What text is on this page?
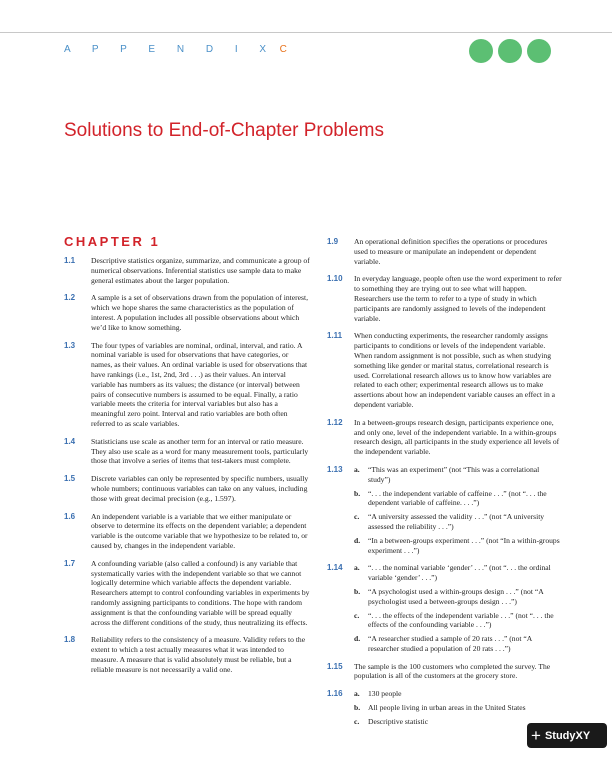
A P P E N D I X C
Solutions to End-of-Chapter Problems
CHAPTER 1
1.1 Descriptive statistics organize, summarize, and communicate a group of numerical observations. Inferential statistics use sample data to make general estimates about the larger population.

1.2 A sample is a set of observations drawn from the population of interest, which we hope shares the same characteristics as the population of interest. A population includes all possible observations about which we’d like to know something.

1.3 The four types of variables are nominal, ordinal, interval, and ratio. A nominal variable is used for observations that have categories, or names, as their values. An ordinal variable is used for observations that have rankings (i.e., 1st, 2nd, 3rd . . .) as their values. An interval variable has numbers as its values; the distance (or interval) between pairs of consecutive numbers is assumed to be equal. Finally, a ratio variable meets the criteria for interval variables but also has a meaningful zero point. Interval and ratio variables are both often referred to as scale variables.

1.4 Statisticians use scale as another term for an interval or ratio measure. They also use scale as a word for many measurement tools, particularly those that involve a series of items that test-takers must complete.

1.5 Discrete variables can only be represented by specific numbers, usually whole numbers; continuous variables can take on any values, including those with great decimal precision (e.g., 1.597).

1.6 An independent variable is a variable that we either manipulate or observe to determine its effects on the dependent variable; a dependent variable is the outcome variable that we hypothesize to be related to, or caused by, changes in the independent variable.

1.7 A confounding variable (also called a confound) is any variable that systematically varies with the independent variable so that we cannot logically determine which variable affects the dependent variable. Researchers attempt to control confounding variables in experiments by randomly assigning participants to conditions. The hope with random assignment is that the confounding variable will be spread equally across the different conditions of the study, thus neutralizing its effects.

1.8 Reliability refers to the consistency of a measure. Validity refers to the extent to which a test actually measures what it was intended to measure. A measure that is valid absolutely must be reliable, but a reliable measure is not necessarily a valid one.

1.9 An operational definition specifies the operations or procedures used to measure or manipulate an independent or dependent variable.

1.10 In everyday language, people often use the word experiment to refer to something they are trying out to see what will happen. Researchers use the term to refer to a type of study in which participants are randomly assigned to levels of the independent variable.

1.11 When conducting experiments, the researcher randomly assigns participants to conditions or levels of the independent variable. When random assignment is not possible, such as when studying something like gender or marital status, correlational research is used. Correlational research allows us to know how variables are related to each other; experimental research allows us to make assertions about how an independent variable causes an effect in a dependent variable.

1.12 In a between-groups research design, participants experience one, and only one, level of the independent variable. In a within-groups research design, all participants in the study experience all levels of the independent variable.

1.13 a. “This was an experiment” (not “This was a correlational study”)

b. “. . . the independent variable of caffeine . . .” (not “. . . the dependent variable of caffeine. . . .”)

c. “A university assessed the validity . . .” (not “A university assessed the reliability . . .”)

d. “In a between-groups experiment . . .” (not “In a within-groups experiment . . .”)

1.14 a. “. . . the nominal variable ‘gender’ . . .” (not “. . . the ordinal variable ‘gender’ . . .”)

b. “A psychologist used a within-groups design . . .” (not “A psychologist used a between-groups design . . .”)

c. “. . . the effects of the independent variable . . .” (not “. . . the effects of the confounding variable . . .”)

d. “A researcher studied a sample of 20 rats . . .” (not “A researcher studied a population of 20 rats . . .”)

1.15 The sample is the 100 customers who completed the survey. The population is all of the customers at the grocery store.

1.16 a. 130 people

b. All people living in urban areas in the United States

c. Descriptive statistic

+ StudyXY
